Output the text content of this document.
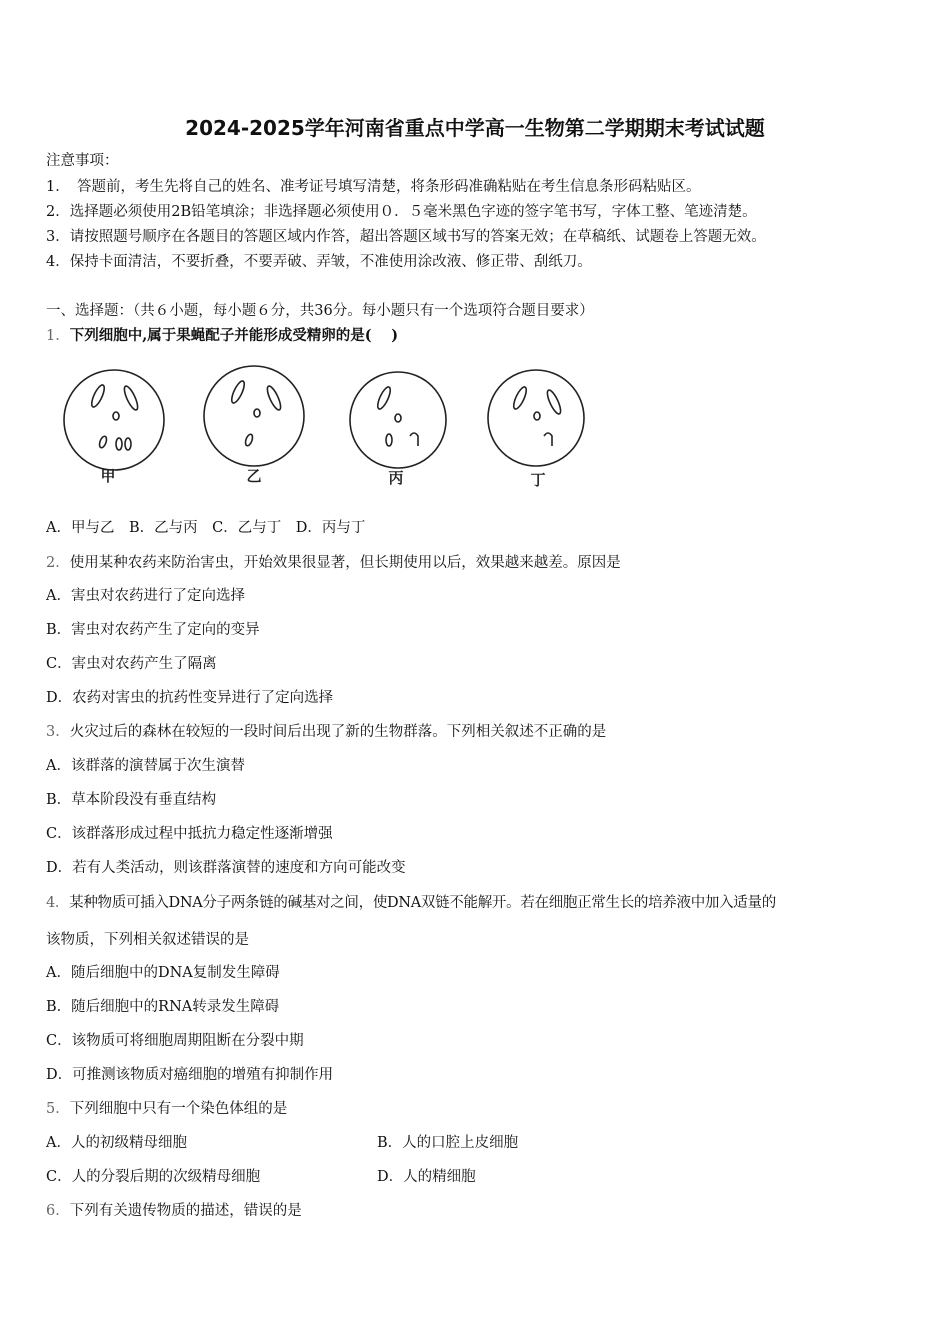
2024-2025学年河南省重点中学高一生物第二学期期末考试试题
注意事项：
1．　答题前，考生先将自己的姓名、准考证号填写清楚，将条形码准确粘贴在考生信息条形码粘贴区。
2．选择题必须使用2B铅笔填涂；非选择题必须使用０．５毫米黑色字迹的签字笔书写，字体工整、笔迹清楚。
3．请按照题号顺序在各题目的答题区域内作答，超出答题区域书写的答案无效；在草稿纸、试题卷上答题无效。
4．保持卡面清洁，不要折叠，不要弄破、弄皱，不准使用涂改液、修正带、刮纸刀。
一、选择题：（共６小题，每小题６分，共36分。每小题只有一个选项符合题目要求）
1．下列细胞中,属于果蝇配子并能形成受精卵的是(　 )
甲	乙	丙	丁
A．甲与乙　B．乙与丙　C．乙与丁　D．丙与丁
2．使用某种农药来防治害虫，开始效果很显著，但长期使用以后，效果越来越差。原因是
A．害虫对农药进行了定向选择
B．害虫对农药产生了定向的变异
C．害虫对农药产生了隔离
D．农药对害虫的抗药性变异进行了定向选择
3．火灾过后的森林在较短的一段时间后出现了新的生物群落。下列相关叙述不正确的是
A．该群落的演替属于次生演替
B．草本阶段没有垂直结构
C．该群落形成过程中抵抗力稳定性逐渐增强
D．若有人类活动，则该群落演替的速度和方向可能改变
4．某种物质可插入DNA分子两条链的碱基对之间，使DNA双链不能解开。若在细胞正常生长的培养液中加入适量的
该物质，下列相关叙述错误的是
A．随后细胞中的DNA复制发生障碍
B．随后细胞中的RNA转录发生障碍
C．该物质可将细胞周期阻断在分裂中期
D．可推测该物质对癌细胞的增殖有抑制作用
5．下列细胞中只有一个染色体组的是
A．人的初级精母细胞	B．人的口腔上皮细胞
C．人的分裂后期的次级精母细胞	D．人的精细胞
6．下列有关遗传物质的描述，错误的是
